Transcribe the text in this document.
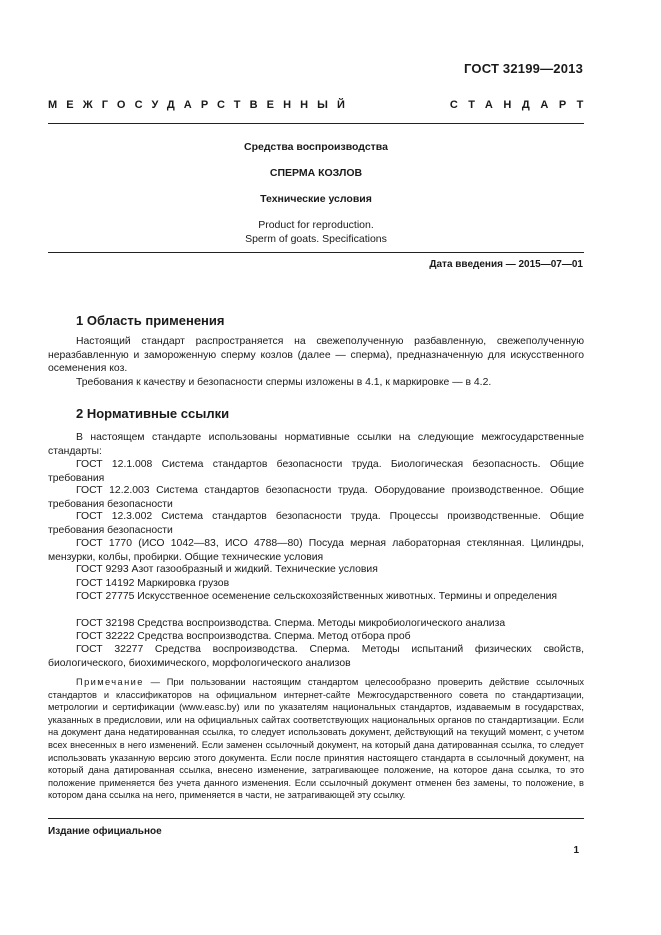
ГОСТ 32199—2013
МЕЖГОСУДАРСТВЕННЫЙ	СТАНДАРТ
Средства воспроизводства
СПЕРМА КОЗЛОВ
Технические условия
Product for reproduction.
Sperm of goats. Specifications
Дата введения — 2015—07—01
1 Область применения

Настоящий стандарт распространяется на свежеполученную разбавленную, свежеполученную неразбавленную и замороженную сперму козлов (далее — сперма), предназначенную для искусственного осеменения коз.

Требования к качеству и безопасности спермы изложены в 4.1, к маркировке — в 4.2.

2 Нормативные ссылки

В настоящем стандарте использованы нормативные ссылки на следующие межгосударственные стандарты:

ГОСТ 12.1.008 Система стандартов безопасности труда. Биологическая безопасность. Общие требования

ГОСТ 12.2.003 Система стандартов безопасности труда. Оборудование производственное. Общие требования безопасности

ГОСТ 12.3.002 Система стандартов безопасности труда. Процессы производственные. Общие требования безопасности

ГОСТ 1770 (ИСО 1042—83, ИСО 4788—80) Посуда мерная лабораторная стеклянная. Цилиндры, мензурки, колбы, пробирки. Общие технические условия

ГОСТ 9293 Азот газообразный и жидкий. Технические условия

ГОСТ 14192 Маркировка грузов

ГОСТ 27775 Искусственное осеменение сельскохозяйственных животных. Термины и определения

ГОСТ 32198 Средства воспроизводства. Сперма. Методы микробиологического анализа

ГОСТ 32222 Средства воспроизводства. Сперма. Метод отбора проб

ГОСТ 32277 Средства воспроизводства. Сперма. Методы испытаний физических свойств, биологического, биохимического, морфологического анализов

Примечание — При пользовании настоящим стандартом целесообразно проверить действие ссылочных стандартов и классификаторов на официальном интернет-сайте Межгосударственного совета по стандартизации, метрологии и сертификации (www.easc.by) или по указателям национальных стандартов, издаваемым в государствах, указанных в предисловии, или на официальных сайтах соответствующих национальных органов по стандартизации. Если на документ дана недатированная ссылка, то следует использовать документ, действующий на текущий момент, с учетом всех внесенных в него изменений. Если заменен ссылочный документ, на который дана датированная ссылка, то следует использовать указанную версию этого документа. Если после принятия настоящего стандарта в ссылочный документ, на который дана датированная ссылка, внесено изменение, затрагивающее положение, на которое дана ссылка, то это положение применяется без учета данного изменения. Если ссылочный документ отменен без замены, то положение, в котором дана ссылка на него, применяется в части, не затрагивающей эту ссылку.

Издание официальное
1
